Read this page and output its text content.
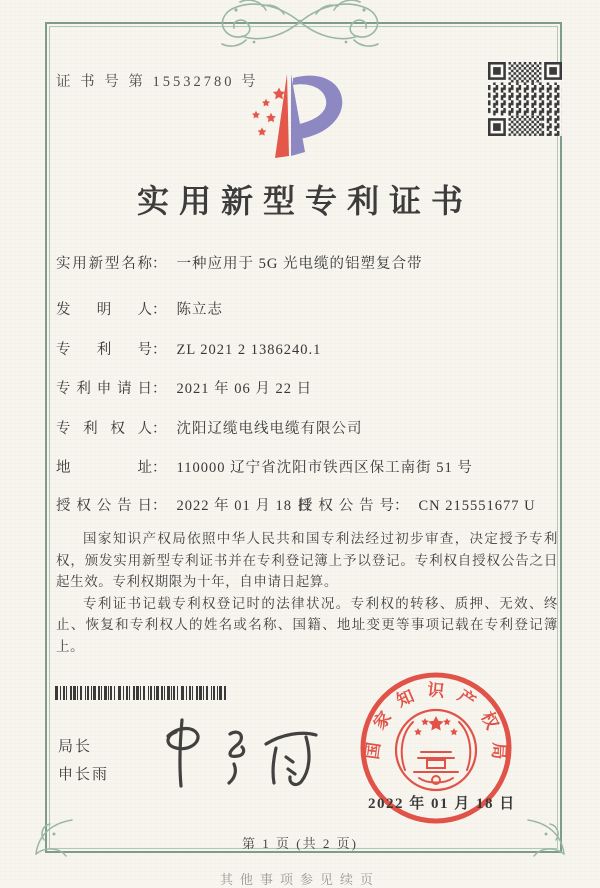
证 书 号 第 15532780 号
实用新型专利证书
实用新型名称： 一种应用于 5G 光电缆的铝塑复合带
发明人： 陈立志
专利号： ZL 2021 2 1386240.1
专利申请日： 2021 年 06 月 22 日
专利权人： 沈阳辽缆电线电缆有限公司
地址： 110000 辽宁省沈阳市铁西区保工南街 51 号
授权公告日： 2022 年 01 月 18 日
授权公告号： CN 215551677 U

国家知识产权局依照中华人民共和国专利法经过初步审查，决定授予专利权，颁发实用新型专利证书并在专利登记簿上予以登记。专利权自授权公告之日起生效。专利权期限为十年，自申请日起算。

专利证书记载专利权登记时的法律状况。专利权的转移、质押、无效、终止、恢复和专利权人的姓名或名称、国籍、地址变更等事项记载在专利登记簿上。

局长
申长雨
国家知识产权局
2022 年 01 月 18 日
第 1 页 (共 2 页)
其他事项参见续页
